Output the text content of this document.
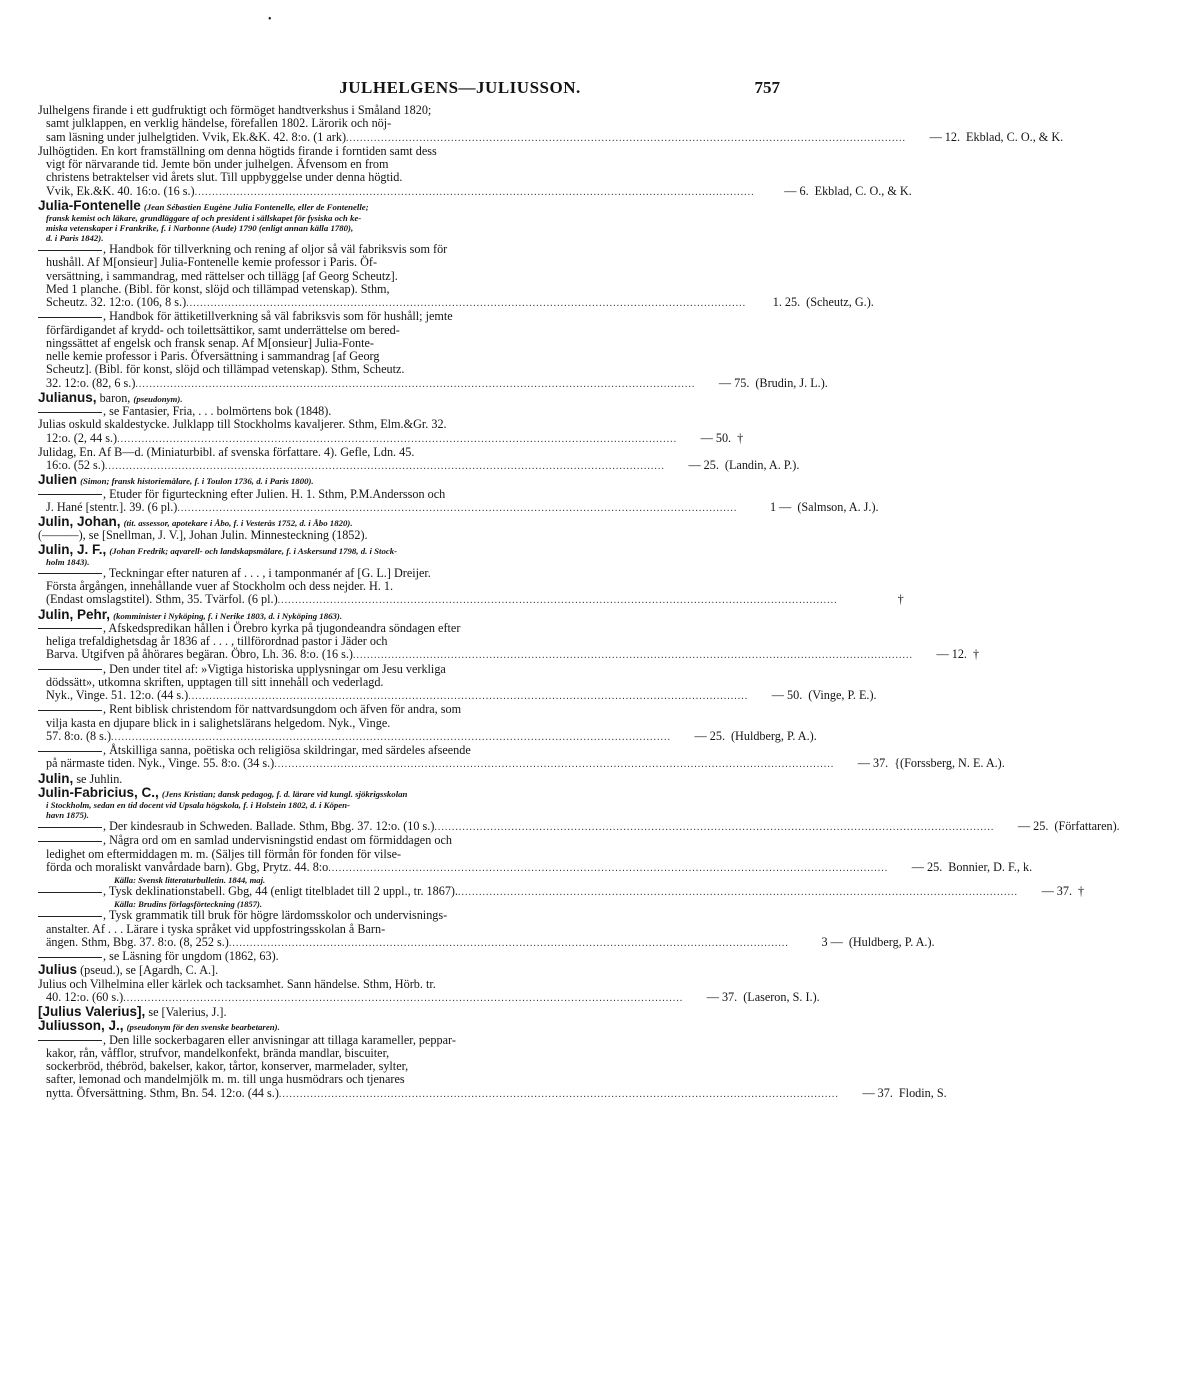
•
JULHELGENS—JULIUSSON.	757
Julhelgens firande i ett gudfruktigt och förmöget handtverkshus i Småland 1820;
samt julklappen, en verklig händelse, förefallen 1802. Lärorik och nöj-
sam läsning under julhelgtiden. Vvik, Ek.&K. 42. 8:o. (1 ark) .....	— 12. Ekblad, C. O., & K.
Julhögtiden. En kort framställning om denna högtids firande i forntiden samt dess
vigt för närvarande tid. Jemte bön under julhelgen. Äfvensom en from
christens betraktelser vid årets slut. Till uppbyggelse under denna högtid.
Vvik, Ek.&K. 40. 16:o. (16 s.) .....	— 6. Ekblad, C. O., & K.
Julia-Fontenelle (Jean Sébastien Eugène Julia Fontenelle, eller de Fontenelle;
fransk kemist och läkare, grundläggare af och president i sällskapet för fysiska och ke-
miska vetenskaper i Frankrike, f. i Narbonne (Aude) 1790 (enligt annan källa 1780),
d. i Paris 1842).
, Handbok för tillverkning och rening af oljor så väl fabriksvis som för
hushåll. Af M[onsieur] Julia-Fontenelle kemie professor i Paris. Öf-
versättning, i sammandrag, med rättelser och tillägg [af Georg Scheutz].
Med 1 planche. (Bibl. för konst, slöjd och tillämpad vetenskap). Sthm,
Scheutz. 32. 12:o. (106, 8 s.) .....	1. 25. (Scheutz, G.).
, Handbok för ättiketillverkning så väl fabriksvis som för hushåll; jemte
förfärdigandet af krydd- och toilettsättikor, samt underrättelse om bered-
ningssättet af engelsk och fransk senap. Af M[onsieur] Julia-Fonte-
nelle kemie professor i Paris. Öfversättning i sammandrag [af Georg
Scheutz]. (Bibl. för konst, slöjd och tillämpad vetenskap). Sthm, Scheutz.
32. 12:o. (82, 6 s.) .....	— 75. (Brudin, J. L.).
Julianus, baron, (pseudonym).
, se Fantasier, Fria, . . . bolmörtens bok (1848).
Julias oskuld skaldestycke. Julklapp till Stockholms kavaljerer. Sthm, Elm.&Gr. 32.
12:o. (2, 44 s.) .....	— 50. †
Julidag, En. Af B—d. (Miniaturbibl. af svenska författare. 4). Gefle, Ldn. 45.
16:o. (52 s.) .....	— 25. (Landin, A. P.).
Julien (Simon; fransk historiemålare, f. i Toulon 1736, d. i Paris 1800).
, Etuder för figurteckning efter Julien. H. 1. Sthm, P.M.Andersson och
J. Hané [stentr.]. 39. (6 pl.) .....	1 — (Salmson, A. J.).
Julin, Johan, (tit. assessor, apotekare i Åbo, f. i Vesterås 1752, d. i Åbo 1820).
(———), se [Snellman, J. V.], Johan Julin. Minnesteckning (1852).
Julin, J. F., (Johan Fredrik; aqvarell- och landskapsmålare, f. i Askersund 1798, d. i Stock-
holm 1843).
, Teckningar efter naturen af . . . , i tamponmanér af [G. L.] Dreijer.
Första årgången, innehållande vuer af Stockholm och dess nejder. H. 1.
(Endast omslagstitel). Sthm, 35. Tvärfol. (6 pl.) .....	†
Julin, Pehr, (komminister i Nyköping, f. i Nerike 1803, d. i Nyköping 1863).
, Afskedspredikan hållen i Örebro kyrka på tjugondeandra söndagen efter
heliga trefaldighetsdag år 1836 af . . . , tillförordnad pastor i Jäder och
Barva. Utgifven på åhörares begäran. Öbro, Lh. 36. 8:o. (16 s.) .....	— 12. †
, Den under titel af: »Vigtiga historiska upplysningar om Jesu verkliga
dödssätt», utkomna skriften, upptagen till sitt innehåll och vederlagd.
Nyk., Vinge. 51. 12:o. (44 s.) .....	— 50. (Vinge, P. E.).
, Rent biblisk christendom för nattvardsungdom och äfven för andra, som
vilja kasta en djupare blick in i salighetslärans helgedom. Nyk., Vinge.
57. 8:o. (8 s.) .....	— 25. (Huldberg, P. A.).
, Åtskilliga sanna, poëtiska och religiösa skildringar, med särdeles afseende
på närmaste tiden. Nyk., Vinge. 55. 8:o. (34 s.) .....	— 37. {(Forssberg, N. E. A.).
Julin, se Juhlin.
Julin-Fabricius, C., (Jens Kristian; dansk pedagog, f. d. lärare vid kungl. sjökrigsskolan
i Stockholm, sedan en tid docent vid Upsala högskola, f. i Holstein 1802, d. i Köpen-
havn 1875).
, Der kindesraub in Schweden. Ballade. Sthm, Bbg. 37. 12:o. (10 s.) .....	— 25. (Författaren).
, Några ord om en samlad undervisningstid endast om förmiddagen och
ledighet om eftermiddagen m. m. (Säljes till förmån för fonden för vilse-
förda och moraliskt vanvårdade barn). Gbg, Prytz. 44. 8:o .....	— 25. Bonnier, D. F., k.
Källa: Svensk litteraturbulletin. 1844, maj.
, Tysk deklinationstabell. Gbg, 44 (enligt titelbladet till 2 uppl., tr. 1867). .....	— 37. †
Källa: Brudins förlagsförteckning (1857).
, Tysk grammatik till bruk för högre lärdomsskolor och undervisnings-
anstalter. Af . . . Lärare i tyska språket vid uppfostringsskolan å Barn-
ängen. Sthm, Bbg. 37. 8:o. (8, 252 s.) .....	3 — (Huldberg, P. A.).
, se Läsning för ungdom (1862, 63).
Julius (pseud.), se [Agardh, C. A.].
Julius och Vilhelmina eller kärlek och tacksamhet. Sann händelse. Sthm, Hörb. tr.
40. 12:o. (60 s.) .....	— 37. (Laseron, S. I.).
[Julius Valerius], se [Valerius, J.].
Juliusson, J., (pseudonym för den svenske bearbetaren).
, Den lille sockerbagaren eller anvisningar att tillaga karameller, peppar-
kakor, rån, våfflor, strufvor, mandelkonfekt, brända mandlar, biscuiter,
sockerbröd, thébröd, bakelser, kakor, tårtor, konserver, marmelader, sylter,
safter, lemonad och mandelmjölk m. m. till unga husmödrars och tjenares
nytta. Öfversättning. Sthm, Bn. 54. 12:o. (44 s.) .....	— 37. Flodin, S.
